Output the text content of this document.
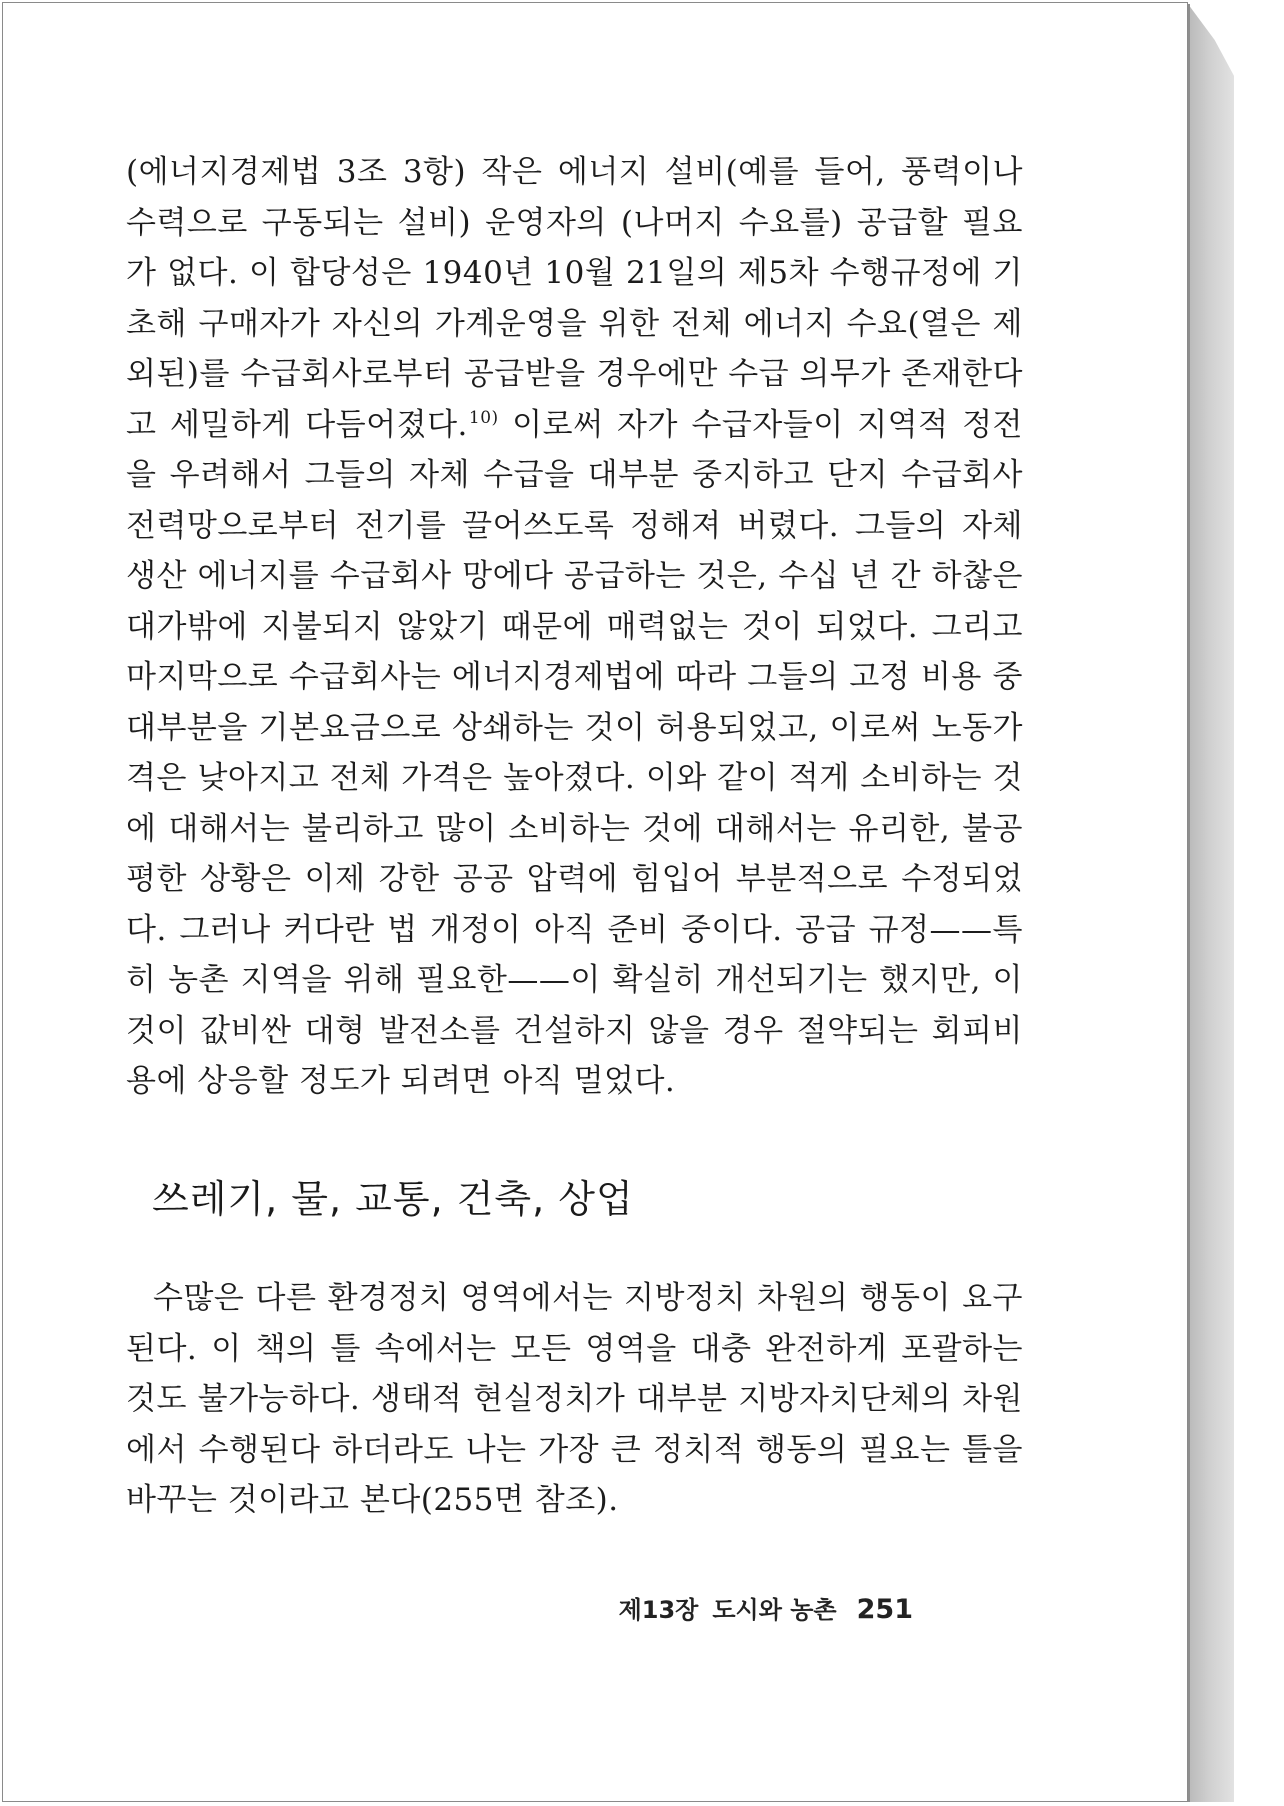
(에너지경제법 3조 3항) 작은 에너지 설비(예를 들어, 풍력이나 수력으로 구동되는 설비) 운영자의 (나머지 수요를) 공급할 필요가 없다. 이 합당성은 1940년 10월 21일의 제5차 수행규정에 기초해 구매자가 자신의 가계운영을 위한 전체 에너지 수요(열은 제외된)를 수급회사로부터 공급받을 경우에만 수급 의무가 존재한다고 세밀하게 다듬어졌다.$^{10)}$ 이로써 자가 수급자들이 지역적 정전을 우려해서 그들의 자체 수급을 대부분 중지하고 단지 수급회사 전력망으로부터 전기를 끌어쓰도록 정해져 버렸다. 그들의 자체 생산 에너지를 수급회사 망에다 공급하는 것은, 수십 년 간 하찮은 대가밖에 지불되지 않았기 때문에 매력없는 것이 되었다. 그리고 마지막으로 수급회사는 에너지경제법에 따라 그들의 고정 비용 중 대부분을 기본요금으로 상쇄하는 것이 허용되었고, 이로써 노동가격은 낮아지고 전체 가격은 높아졌다. 이와 같이 적게 소비하는 것에 대해서는 불리하고 많이 소비하는 것에 대해서는 유리한, 불공평한 상황은 이제 강한 공공 압력에 힘입어 부분적으로 수정되었다. 그러나 커다란 법 개정이 아직 준비 중이다. 공급 규정——특히 농촌 지역을 위해 필요한——이 확실히 개선되기는 했지만, 이것이 값비싼 대형 발전소를 건설하지 않을 경우 절약되는 회피비용에 상응할 정도가 되려면 아직 멀었다.

쓰레기, 물, 교통, 건축, 상업

수많은 다른 환경정치 영역에서는 지방정치 차원의 행동이 요구된다. 이 책의 틀 속에서는 모든 영역을 대충 완전하게 포괄하는 것도 불가능하다. 생태적 현실정치가 대부분 지방자치단체의 차원에서 수행된다 하더라도 나는 가장 큰 정치적 행동의 필요는 틀을 바꾸는 것이라고 본다(255면 참조).

제13장 도시와 농촌 251
